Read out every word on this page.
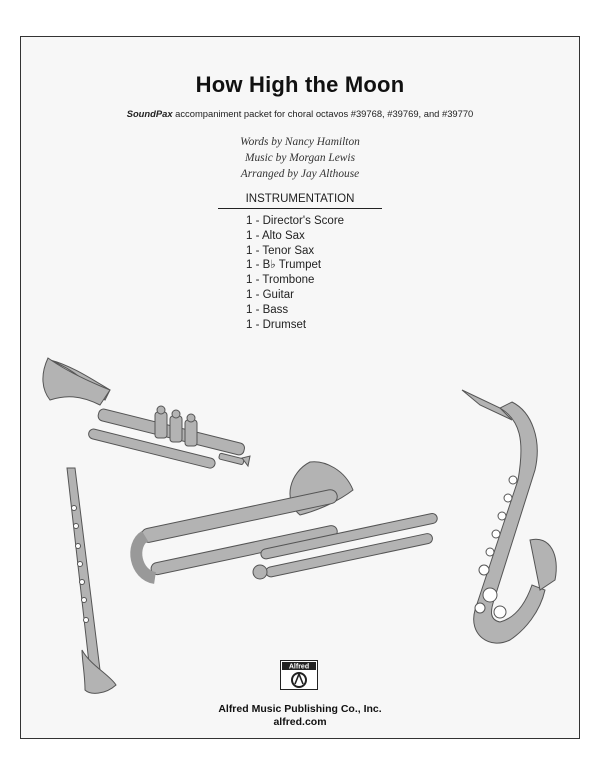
How High the Moon
SoundPax accompaniment packet for choral octavos #39768, #39769, and #39770
Words by Nancy Hamilton
Music by Morgan Lewis
Arranged by Jay Althouse
INSTRUMENTATION
1 - Director's Score
1 - Alto Sax
1 - Tenor Sax
1 - B♭ Trumpet
1 - Trombone
1 - Guitar
1 - Bass
1 - Drumset
Alfred
Alfred Music Publishing Co., Inc.
alfred.com
